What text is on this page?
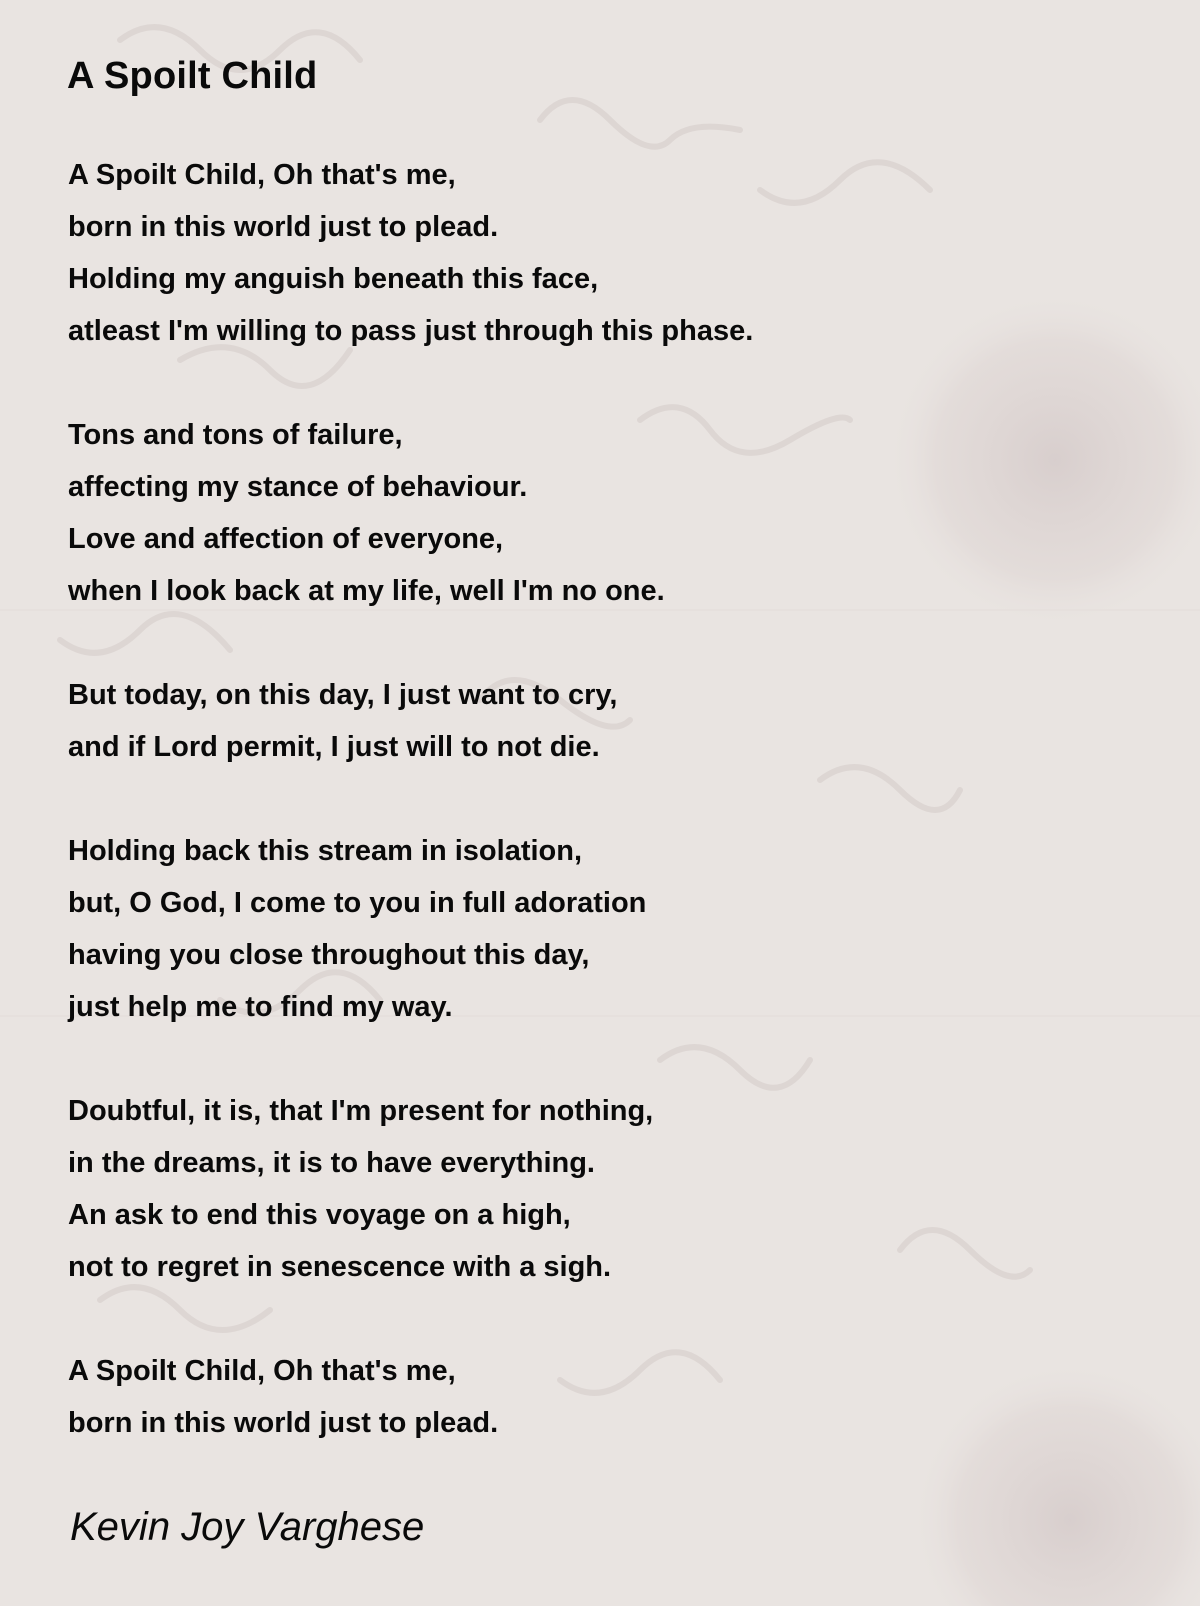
A Spoilt Child
A Spoilt Child, Oh that's me,
born in this world just to plead.
Holding my anguish beneath this face,
atleast I'm willing to pass just through this phase.
Tons and tons of failure,
affecting my stance of behaviour.
Love and affection of everyone,
when I look back at my life, well I'm no one.
But today, on this day, I just want to cry,
and if Lord permit, I just will to not die.
Holding back this stream in isolation,
but, O God, I come to you in full adoration
having you close throughout this day,
just help me to find my way.
Doubtful, it is, that I'm present for nothing,
in the dreams, it is to have everything.
An ask to end this voyage on a high,
not to regret in senescence with a sigh.
A Spoilt Child, Oh that's me,
born in this world just to plead.

Kevin Joy Varghese
